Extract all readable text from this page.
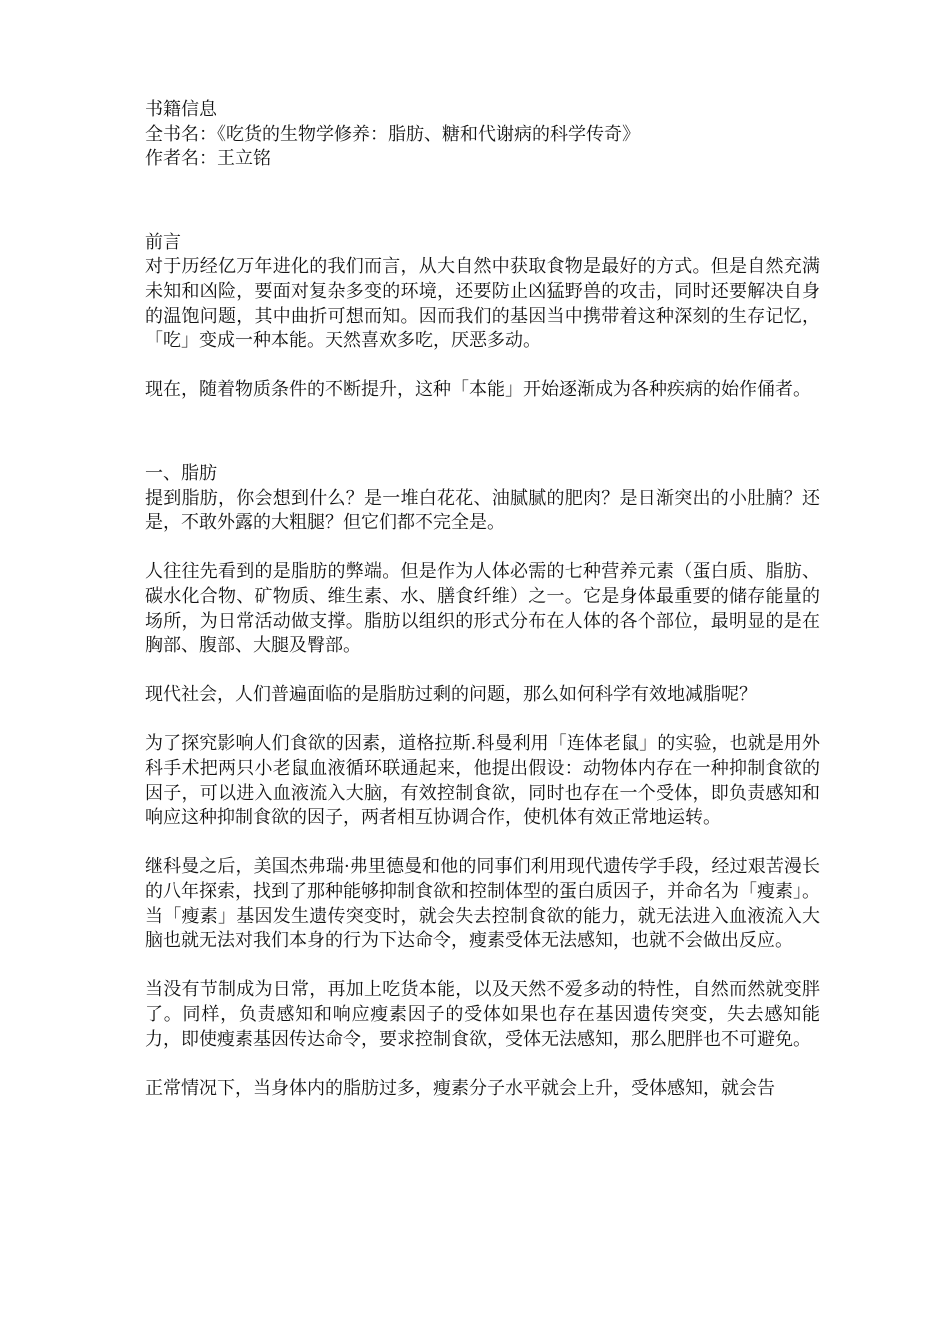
书籍信息

全书名：《吃货的生物学修养：脂肪、糖和代谢病的科学传奇》

作者名：王立铭

前言

对于历经亿万年进化的我们而言，从大自然中获取食物是最好的方式。但是自然充满未知和凶险，要面对复杂多变的环境，还要防止凶猛野兽的攻击，同时还要解决自身的温饱问题，其中曲折可想而知。因而我们的基因当中携带着这种深刻的生存记忆，「吃」变成一种本能。天然喜欢多吃，厌恶多动。

现在，随着物质条件的不断提升，这种「本能」开始逐渐成为各种疾病的始作俑者。

一、脂肪

提到脂肪，你会想到什么？是一堆白花花、油腻腻的肥肉？是日渐突出的小肚腩？还是，不敢外露的大粗腿？但它们都不完全是。

人往往先看到的是脂肪的弊端。但是作为人体必需的七种营养元素（蛋白质、脂肪、碳水化合物、矿物质、维生素、水、膳食纤维）之一。它是身体最重要的储存能量的场所，为日常活动做支撑。脂肪以组织的形式分布在人体的各个部位，最明显的是在胸部、腹部、大腿及臀部。

现代社会，人们普遍面临的是脂肪过剩的问题，那么如何科学有效地减脂呢？

为了探究影响人们食欲的因素，道格拉斯.科曼利用「连体老鼠」的实验，也就是用外科手术把两只小老鼠血液循环联通起来，他提出假设：动物体内存在一种抑制食欲的因子，可以进入血液流入大脑，有效控制食欲，同时也存在一个受体，即负责感知和响应这种抑制食欲的因子，两者相互协调合作，使机体有效正常地运转。

继科曼之后，美国杰弗瑞·弗里德曼和他的同事们利用现代遗传学手段，经过艰苦漫长的八年探索，找到了那种能够抑制食欲和控制体型的蛋白质因子，并命名为「瘦素」。当「瘦素」基因发生遗传突变时，就会失去控制食欲的能力，就无法进入血液流入大脑也就无法对我们本身的行为下达命令，瘦素受体无法感知，也就不会做出反应。

当没有节制成为日常，再加上吃货本能，以及天然不爱多动的特性，自然而然就变胖了。同样，负责感知和响应瘦素因子的受体如果也存在基因遗传突变，失去感知能力，即使瘦素基因传达命令，要求控制食欲，受体无法感知，那么肥胖也不可避免。

正常情况下，当身体内的脂肪过多，瘦素分子水平就会上升，受体感知，就会告
